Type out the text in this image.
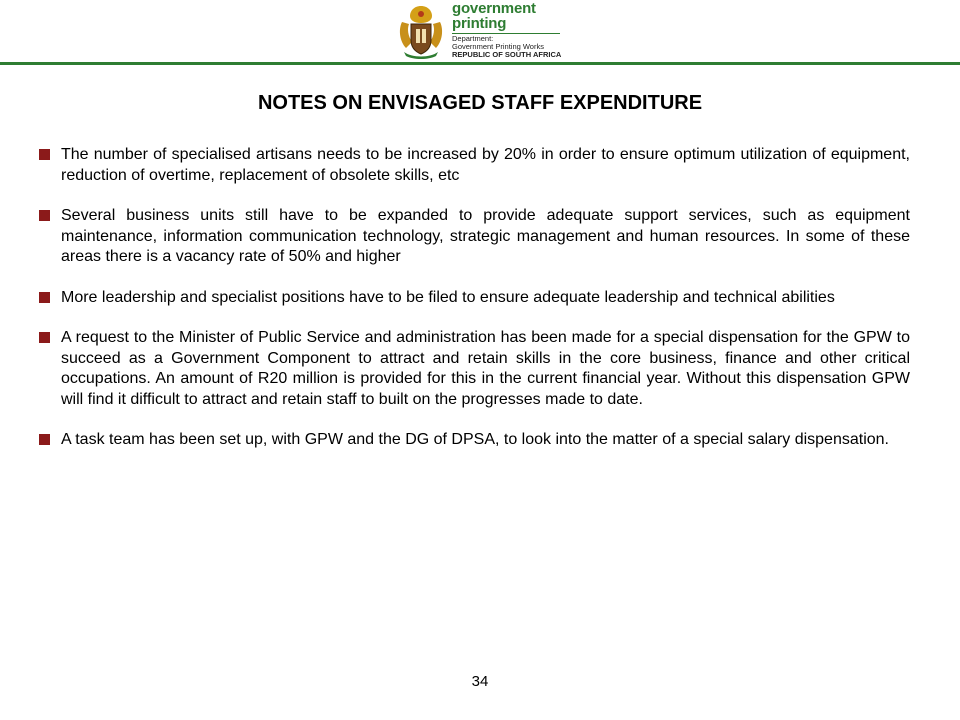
government
printing
Department:
Government Printing Works
REPUBLIC OF SOUTH AFRICA
NOTES ON ENVISAGED STAFF EXPENDITURE
The number of specialised artisans needs to be increased by 20% in order to ensure optimum utilization of equipment, reduction of overtime, replacement of obsolete skills, etc
Several business units still have to be expanded to provide adequate support services, such as equipment maintenance, information communication technology, strategic management and human resources. In some of these areas there is a vacancy rate of 50% and higher
More leadership and specialist positions have to be filed to ensure adequate leadership and technical abilities
A request to the Minister of Public Service and administration has been made for a special dispensation for the GPW to succeed as a Government Component to attract and retain skills in the core business, finance and other critical occupations. An amount of R20 million is provided for this in the current financial year. Without this dispensation GPW will find it difficult to attract and retain staff to built on the progresses made to date.
A task team has been set up, with GPW and the DG of DPSA, to look into the matter of a special salary dispensation.
34
